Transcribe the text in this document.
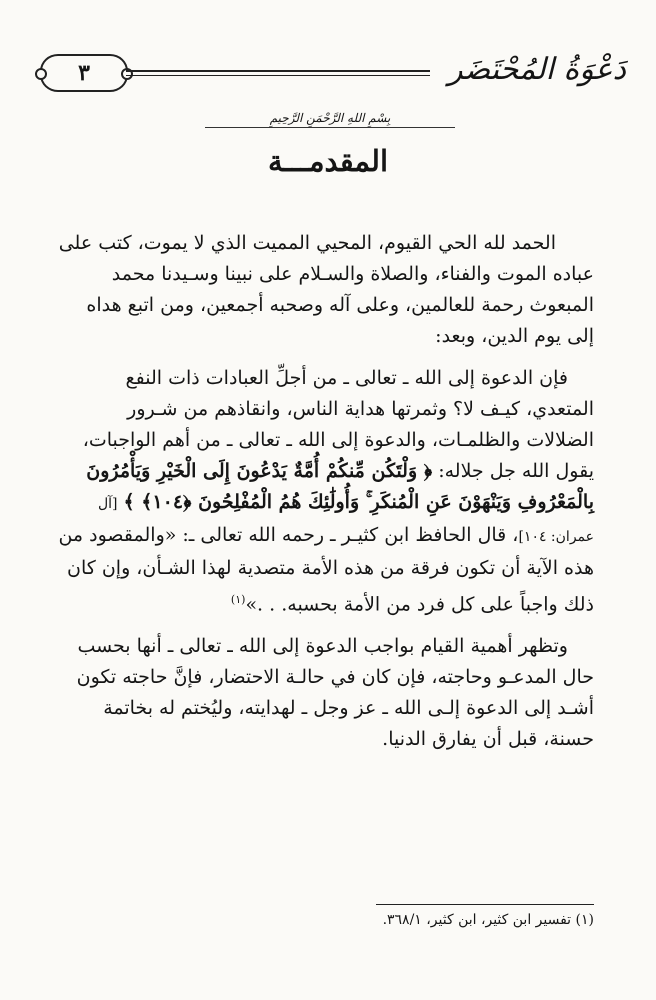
٣	دَعْوَةُ المُحْتَضَر
بِسْمِ اللهِ الرَّحْمَنِ الرَّحِيمِ
المقدمـــة

الحمد لله الحي القيوم، المحيي المميت الذي لا يموت، كتب على عباده الموت والفناء، والصلاة والسـلام على نبينا وسـيدنا محمد المبعوث رحمة للعالمين، وعلى آله وصحبه أجمعين، ومن اتبع هداه إلى يوم الدين، وبعد:

فإن الدعوة إلى الله ـ تعالى ـ من أجلِّ العبادات ذات النفع المتعدي، كيـف لا؟ وثمرتها هداية الناس، وانقاذهم من شـرور الضلالات والظلمـات، والدعوة إلى الله ـ تعالى ـ من أهم الواجبات، يقول الله جل جلاله: ﴿ وَلْتَكُن مِّنكُمْ أُمَّةٌ يَدْعُونَ إِلَى الْخَيْرِ وَيَأْمُرُونَ بِالْمَعْرُوفِ وَيَنْهَوْنَ عَنِ الْمُنكَرِ ۚ وَأُولَٰئِكَ هُمُ الْمُفْلِحُونَ ﴿١٠٤﴾ ﴾ [آل عمران: ١٠٤]، قال الحافظ ابن كثيـر ـ رحمه الله تعالى ـ: «والمقصود من هذه الآية أن تكون فرقة من هذه الأمة متصدية لهذا الشـأن، وإن كان ذلك واجباً على كل فرد من الأمة بحسبه. . .»$^{(١)}$

وتظهر أهمية القيام بواجب الدعوة إلى الله ـ تعالى ـ أنها بحسب حال المدعـو وحاجته، فإن كان في حالـة الاحتضار، فإنَّ حاجته تكون أشـد إلى الدعوة إلـى الله ـ عز وجل ـ لهدايته، وليُختم له بخاتمة حسنة، قبل أن يفارق الدنيا.

(١) تفسير ابن كثير، ابن كثير، ٣٦٨/١.
